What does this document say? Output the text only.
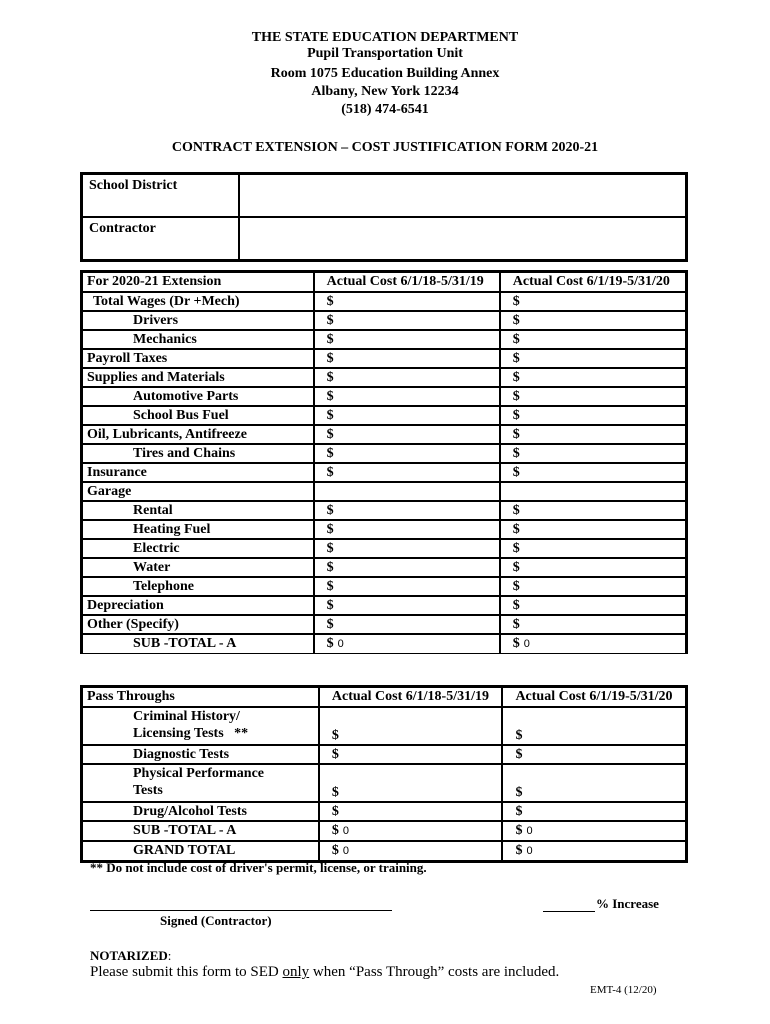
THE STATE EDUCATION DEPARTMENT
Pupil Transportation Unit
Room 1075 Education Building Annex
Albany, New York 12234
(518) 474-6541
CONTRACT EXTENSION – COST JUSTIFICATION FORM 2020-21
School District	
Contractor	
For 2020-21 Extension	Actual Cost 6/1/18-5/31/19	Actual Cost 6/1/19-5/31/20
Total Wages (Dr +Mech)	$	$
Drivers	$	$
Mechanics	$	$
Payroll Taxes	$	$
Supplies and Materials	$	$
Automotive Parts	$	$
School Bus Fuel	$	$
Oil, Lubricants, Antifreeze	$	$
Tires and Chains	$	$
Insurance	$	$
Garage		
Rental	$	$
Heating Fuel	$	$
Electric	$	$
Water	$	$
Telephone	$	$
Depreciation	$	$
Other (Specify)	$	$
SUB -TOTAL - A	$ 0	$ 0
Pass Throughs	Actual Cost 6/1/18-5/31/19	Actual Cost 6/1/19-5/31/20

Criminal History/
Licensing Tests   **	$	$
Diagnostic Tests	$	$

Physical Performance
Tests	$	$
Drug/Alcohol Tests	$	$
SUB -TOTAL - A	$ 0	$ 0
GRAND TOTAL	$ 0	$ 0
** Do not include cost of driver's permit, license, or training.
Signed (Contractor)
% Increase
NOTARIZED:
Please submit this form to SED only when “Pass Through” costs are included.
EMT-4 (12/20)
